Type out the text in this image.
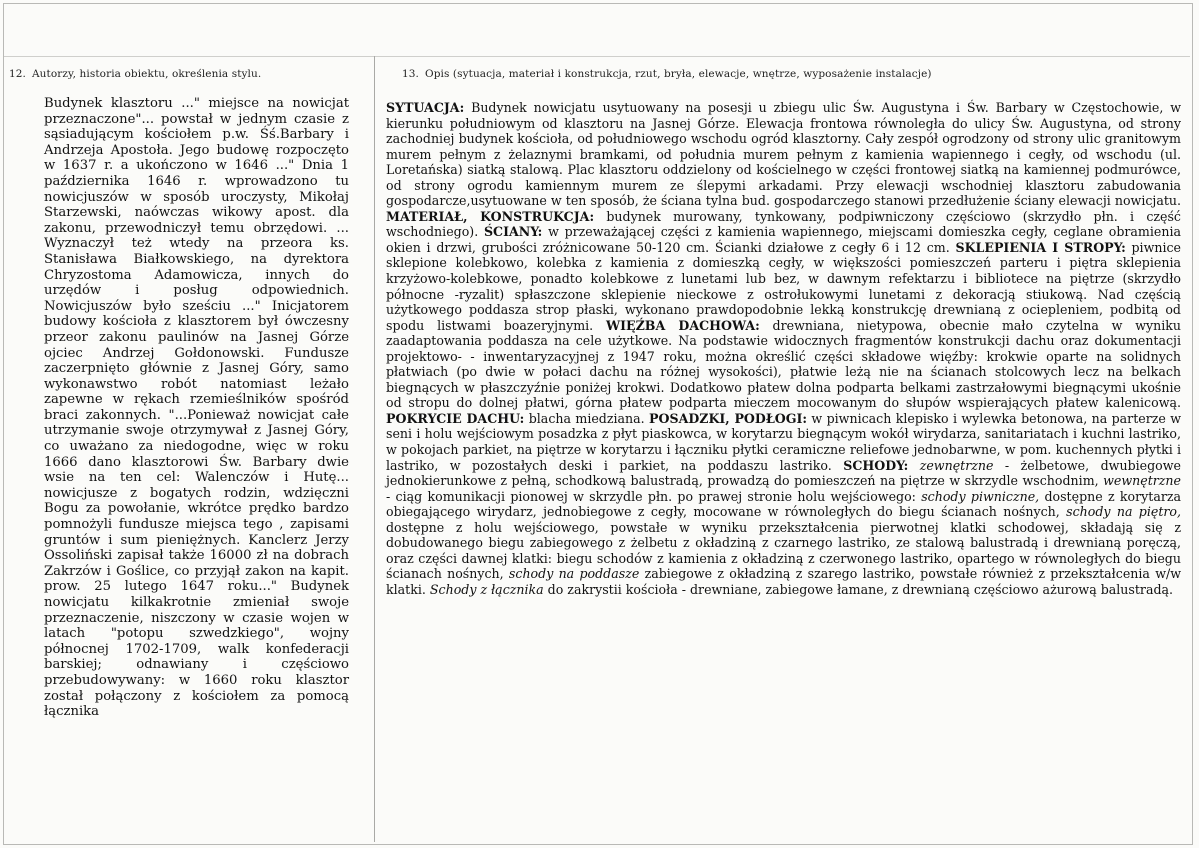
12. Autorzy, historia obiektu, określenia stylu.	13. Opis (sytuacja, materiał i konstrukcja, rzut, bryła, elewacje, wnętrze, wyposażenie instalacje)

Budynek klasztoru ..." miejsce na nowicjat przeznaczone"... powstał w jednym czasie z sąsiadującym kościołem p.w. Śś.Barbary i Andrzeja Apostoła. Jego budowę rozpoczęto w 1637 r. a ukończono w 1646 ..." Dnia 1 października 1646 r. wprowadzono tu nowicjuszów w sposób uroczysty, Mikołaj Starzewski, naówczas wikowy apost. dla zakonu, przewodniczył temu obrzędowi. ... Wyznaczył też wtedy na przeora ks. Stanisława Białkowskiego, na dyrektora Chryzostoma Adamowicza, innych do urzędów i posług odpowiednich. Nowicjuszów było sześciu ..." Inicjatorem budowy kościoła z klasztorem był ówczesny przeor zakonu paulinów na Jasnej Górze ojciec Andrzej Gołdonowski. Fundusze zaczerpnięto głównie z Jasnej Góry, samo wykonawstwo robót natomiast leżało zapewne w rękach rzemieślników spośród braci zakonnych. "...Ponieważ nowicjat całe utrzymanie swoje otrzymywał z Jasnej Góry, co uważano za niedogodne, więc w roku 1666 dano klasztorowi Św. Barbary dwie wsie na ten cel: Walenczów i Hutę... nowicjusze z bogatych rodzin, wdzięczni Bogu za powołanie, wkrótce prędko bardzo pomnożyli fundusze miejsca tego , zapisami gruntów i sum pieniężnych. Kanclerz Jerzy Ossoliński zapisał także 16000 zł na dobrach Zakrzów i Goślice, co przyjął zakon na kapit. prow. 25 lutego 1647 roku..." Budynek nowicjatu kilkakrotnie zmieniał swoje przeznaczenie, niszczony w czasie wojen w latach "potopu szwedzkiego", wojny północnej 1702-1709, walk konfederacji barskiej; odnawiany i częściowo przebudowywany: w 1660 roku klasztor został połączony z kościołem za pomocą łącznika

SYTUACJA: Budynek nowicjatu usytuowany na posesji u zbiegu ulic Św. Augustyna i Św. Barbary w Częstochowie, w kierunku południowym od klasztoru na Jasnej Górze. Elewacja frontowa równoległa do ulicy Św. Augustyna, od strony zachodniej budynek kościoła, od południowego wschodu ogród klasztorny. Cały zespół ogrodzony od strony ulic granitowym murem pełnym z żelaznymi bramkami, od południa murem pełnym z kamienia wapiennego i cegły, od wschodu (ul. Loretańska) siatką stalową. Plac klasztoru oddzielony od kościelnego w części frontowej siatką na kamiennej podmurówce, od strony ogrodu kamiennym murem ze ślepymi arkadami. Przy elewacji wschodniej klasztoru zabudowania gospodarcze,usytuowane w ten sposób, że ściana tylna bud. gospodarczego stanowi przedłużenie ściany elewacji nowicjatu. MATERIAŁ, KONSTRUKCJA: budynek murowany, tynkowany, podpiwniczony częściowo (skrzydło płn. i część wschodniego). ŚCIANY: w przeważającej części z kamienia wapiennego, miejscami domieszka cegły, ceglane obramienia okien i drzwi, grubości zróżnicowane 50-120 cm. Ścianki działowe z cegły 6 i 12 cm. SKLEPIENIA I STROPY: piwnice sklepione kolebkowo, kolebka z kamienia z domieszką cegły, w większości pomieszczeń parteru i piętra sklepienia krzyżowo-kolebkowe, ponadto kolebkowe z lunetami lub bez, w dawnym refektarzu i bibliotece na piętrze (skrzydło północne -ryzalit) spłaszczone sklepienie nieckowe z ostrołukowymi lunetami z dekoracją stiukową. Nad częścią użytkowego poddasza strop płaski, wykonano prawdopodobnie lekką konstrukcję drewnianą z ociepleniem, podbitą od spodu listwami boazeryjnymi. WIĘŹBA DACHOWA: drewniana, nietypowa, obecnie mało czytelna w wyniku zaadaptowania poddasza na cele użytkowe. Na podstawie widocznych fragmentów konstrukcji dachu oraz dokumentacji projektowo- - inwentaryzacyjnej z 1947 roku, można określić części składowe więźby: krokwie oparte na solidnych płatwiach (po dwie w połaci dachu na różnej wysokości), płatwie leżą nie na ścianach stolcowych lecz na belkach biegnących w płaszczyźnie poniżej krokwi. Dodatkowo płatew dolna podparta belkami zastrzałowymi biegnącymi ukośnie od stropu do dolnej płatwi, górna płatew podparta mieczem mocowanym do słupów wspierających płatew kalenicową. POKRYCIE DACHU: blacha miedziana. POSADZKI, PODŁOGI: w piwnicach klepisko i wylewka betonowa, na parterze w seni i holu wejściowym posadzka z płyt piaskowca, w korytarzu biegnącym wokół wirydarza, sanitariatach i kuchni lastriko, w pokojach parkiet, na piętrze w korytarzu i łączniku płytki ceramiczne reliefowe jednobarwne, w pom. kuchennych płytki i lastriko, w pozostałych deski i parkiet, na poddaszu lastriko. SCHODY: zewnętrzne - żelbetowe, dwubiegowe jednokierunkowe z pełną, schodkową balustradą, prowadzą do pomieszczeń na piętrze w skrzydle wschodnim, wewnętrzne - ciąg komunikacji pionowej w skrzydle płn. po prawej stronie holu wejściowego: schody piwniczne, dostępne z korytarza obiegającego wirydarz, jednobiegowe z cegły, mocowane w równoległych do biegu ścianach nośnych, schody na piętro, dostępne z holu wejściowego, powstałe w wyniku przekształcenia pierwotnej klatki schodowej, składają się z dobudowanego biegu zabiegowego z żelbetu z okładziną z czarnego lastriko, ze stalową balustradą i drewnianą poręczą, oraz części dawnej klatki: biegu schodów z kamienia z okładziną z czerwonego lastriko, opartego w równoległych do biegu ścianach nośnych, schody na poddasze zabiegowe z okładziną z szarego lastriko, powstałe również z przekształcenia w/w klatki. Schody z łącznika do zakrystii kościoła - drewniane, zabiegowe łamane, z drewnianą częściowo ażurową balustradą.
